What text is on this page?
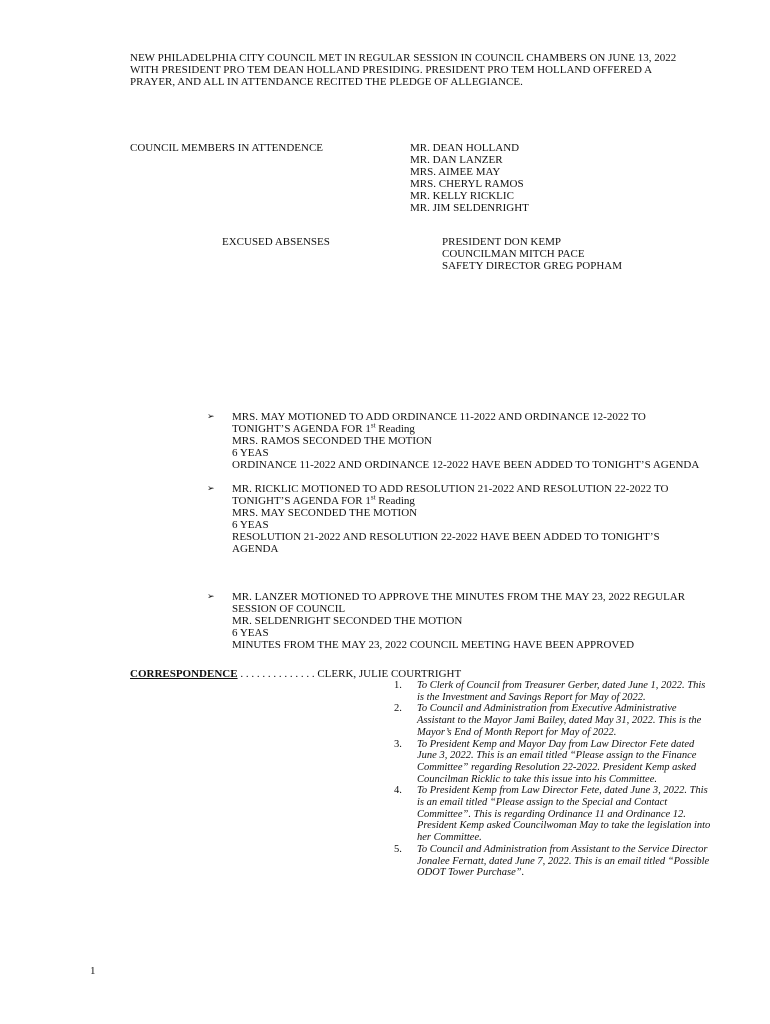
NEW PHILADELPHIA CITY COUNCIL MET IN REGULAR SESSION IN COUNCIL CHAMBERS ON JUNE 13, 2022 WITH PRESIDENT PRO TEM DEAN HOLLAND PRESIDING. PRESIDENT PRO TEM HOLLAND OFFERED A PRAYER, AND ALL IN ATTENDANCE RECITED THE PLEDGE OF ALLEGIANCE.
COUNCIL MEMBERS IN ATTENDENCE	MR. DEAN HOLLAND
MR. DAN LANZER
MRS. AIMEE MAY
MRS. CHERYL RAMOS
MR. KELLY RICKLIC
MR. JIM SELDENRIGHT
EXCUSED ABSENSES	PRESIDENT DON KEMP
COUNCILMAN MITCH PACE
SAFETY DIRECTOR GREG POPHAM
➢	MRS. MAY MOTIONED TO ADD ORDINANCE 11-2022 AND ORDINANCE 12-2022 TO TONIGHT’S AGENDA FOR 1st Reading
MRS. RAMOS SECONDED THE MOTION
6 YEAS
ORDINANCE 11-2022 AND ORDINANCE 12-2022 HAVE BEEN ADDED TO TONIGHT’S AGENDA
➢	MR. RICKLIC MOTIONED TO ADD RESOLUTION 21-2022 AND RESOLUTION 22-2022 TO TONIGHT’S AGENDA FOR 1st Reading
MRS. MAY SECONDED THE MOTION
6 YEAS
RESOLUTION 21-2022 AND RESOLUTION 22-2022 HAVE BEEN ADDED TO TONIGHT’S AGENDA
➢	MR. LANZER MOTIONED TO APPROVE THE MINUTES FROM THE MAY 23, 2022 REGULAR SESSION OF COUNCIL
MR. SELDENRIGHT SECONDED THE MOTION
6 YEAS
MINUTES FROM THE MAY 23, 2022 COUNCIL MEETING HAVE BEEN APPROVED
CORRESPONDENCE . . . . . . . . . . . . . . CLERK, JULIE COURTRIGHT
1.	To Clerk of Council from Treasurer Gerber, dated June 1, 2022. This is the Investment and Savings Report for May of 2022.
2.	To Council and Administration from Executive Administrative Assistant to the Mayor Jami Bailey, dated May 31, 2022. This is the Mayor’s End of Month Report for May of 2022.
3.	To President Kemp and Mayor Day from Law Director Fete dated June 3, 2022. This is an email titled “Please assign to the Finance Committee” regarding Resolution 22-2022. President Kemp asked Councilman Ricklic to take this issue into his Committee.
4.	To President Kemp from Law Director Fete, dated June 3, 2022. This is an email titled “Please assign to the Special and Contact Committee”. This is regarding Ordinance 11 and Ordinance 12. President Kemp asked Councilwoman May to take the legislation into her Committee.
5.	To Council and Administration from Assistant to the Service Director Jonalee Fernatt, dated June 7, 2022. This is an email titled “Possible ODOT Tower Purchase”.
1
